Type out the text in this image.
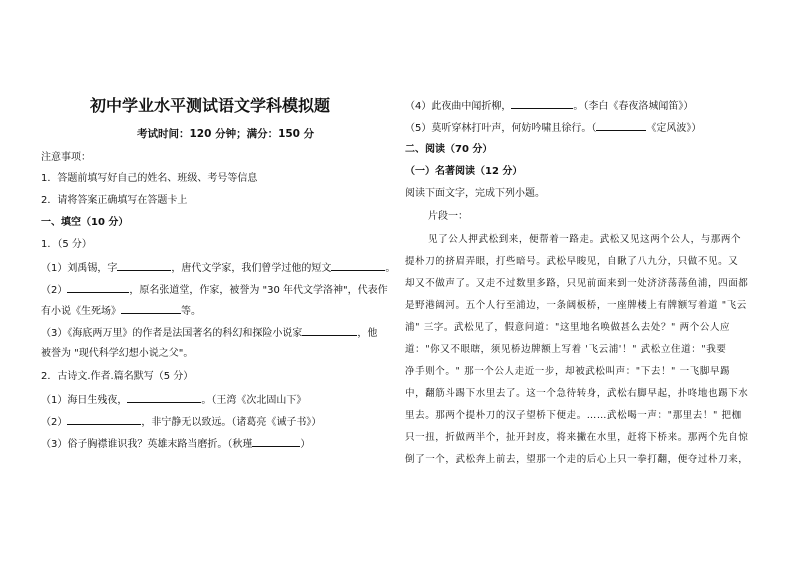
初中学业水平测试语文学科模拟题
考试时间：120 分钟；满分：150 分
注意事项：
1．答题前填写好自己的姓名、班级、考号等信息
2．请将答案正确填写在答题卡上
一、填空（10 分）
1．（5 分）
（1）刘禹锡，字	，唐代文学家，我们曾学过他的短文	。
（2）	，原名张道堂，作家，被誉为 "30 年代文学洛神"，代表作
有小说《生死场》	等。
（3）《海底两万里》的作者是法国著名的科幻和探险小说家	，他
被誉为 "现代科学幻想小说之父"。
2．古诗文.作者.篇名默写（5 分）
（1）海日生残夜，	。（王湾《次北固山下》
（2）	，非宁静无以致远。（诸葛亮《诫子书》）
（3）俗子胸襟谁识我？英雄末路当磨折。（秋瑾	）
（4）此夜曲中闻折柳，	。（李白《春夜洛城闻笛》）
（5）莫听穿林打叶声，何妨吟啸且徐行。（	《定风波》）
二、阅读（70 分）
（一）名著阅读（12 分）
阅读下面文字，完成下列小题。
片段一：
见了公人押武松到来，便帮着一路走。武松又见这两个公人，与那两个
提朴刀的挤眉弄眼，打些暗号。武松早睃见，自瞅了八九分，只做不见。又
却又不做声了。又走不过数里多路，只见前面来到一处济济荡荡鱼浦，四面都
是野港阔河。五个人行至浦边，一条阔板桥，一座牌楼上有牌额写着道 "飞云
浦" 三字。武松见了，假意问道："这里地名唤做甚么去处？" 两个公人应
道："你又不眼瞎，须见桥边牌额上写着 '飞云浦'！" 武松立住道："我要
净手则个。" 那一个公人走近一步，却被武松叫声："下去！" 一飞脚早踢
中，翻筋斗踢下水里去了。这一个急待转身，武松右脚早起，扑咚地也踢下水
里去。那两个提朴刀的汉子望桥下便走。……武松喝一声："那里去！" 把枷
只一扭，折做两半个，扯开封皮，将来撇在水里，赶将下桥来。那两个先自惊
倒了一个，武松奔上前去，望那一个走的后心上只一拳打翻，便夺过朴刀来，
